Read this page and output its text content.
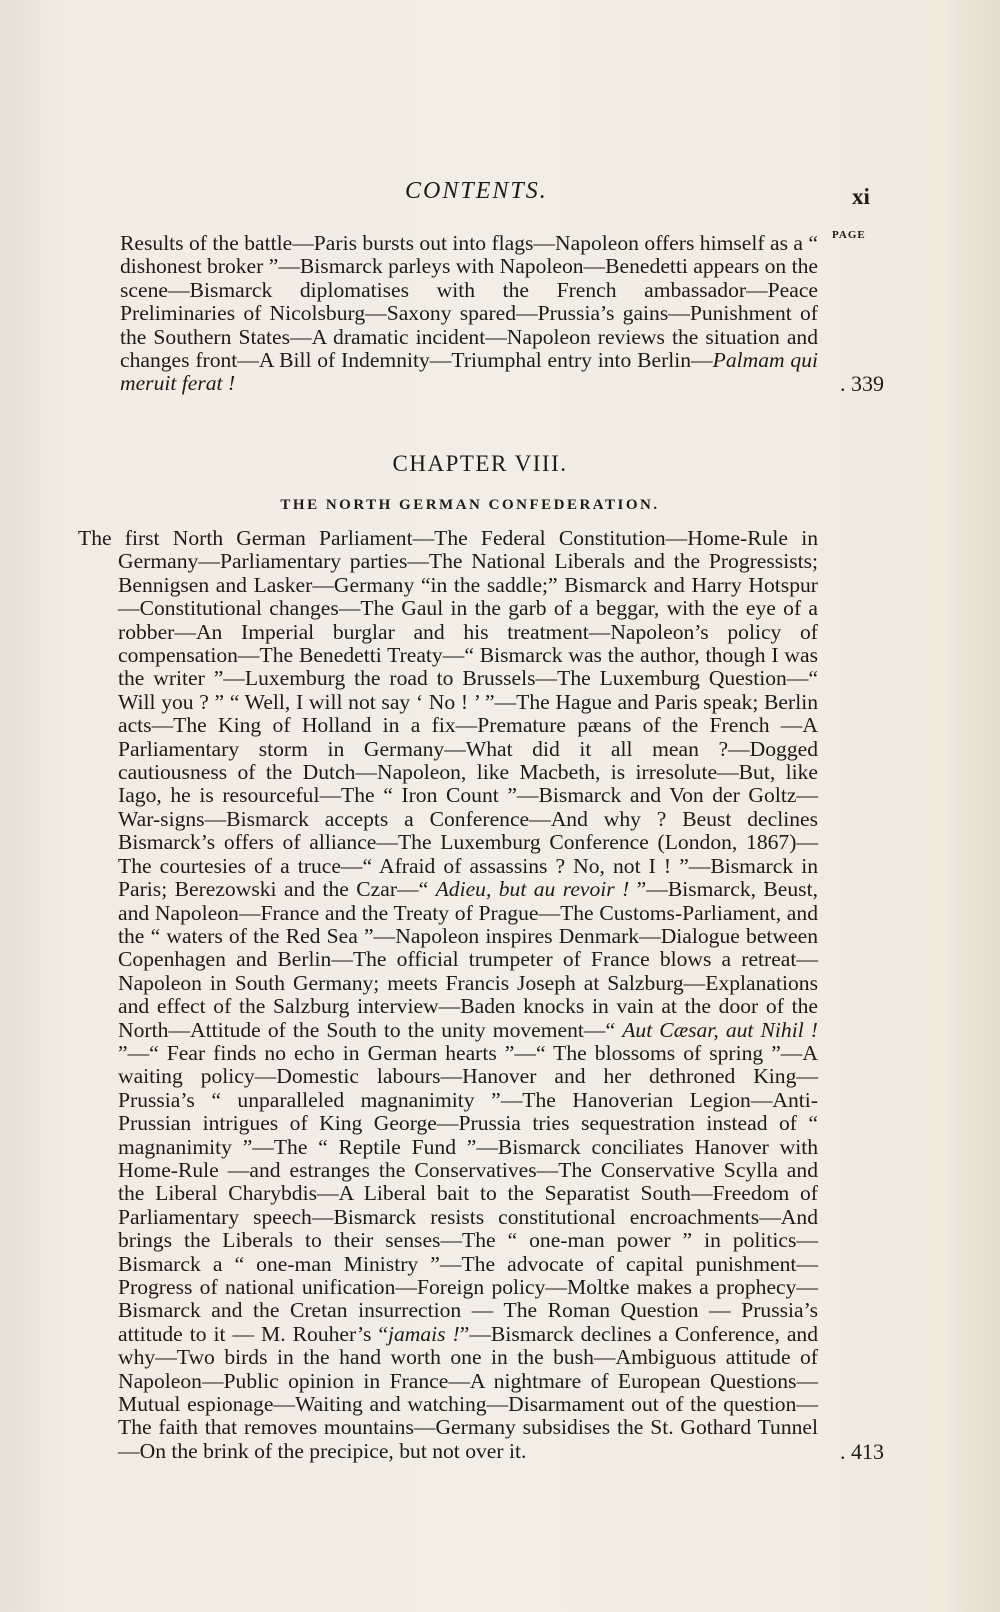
CONTENTS.	xi
PAGE
Results of the battle—Paris bursts out into flags—Napoleon offers himself as a “ dishonest broker ”—Bismarck parleys with Napoleon—Benedetti appears on the scene—Bismarck diplomatises with the French ambassador—Peace Preliminaries of Nicolsburg—Saxony spared—Prussia’s gains—Punishment of the Southern States—A dramatic incident—Napoleon reviews the situation and changes front—A Bill of Indemnity—Triumphal entry into Berlin—Palmam qui meruit ferat !	. 339
CHAPTER VIII.
THE NORTH GERMAN CONFEDERATION.
The first North German Parliament—The Federal Constitution—Home-Rule in Germany—Parliamentary parties—The National Liberals and the Progressists; Bennigsen and Lasker—Germany “in the saddle;” Bismarck and Harry Hotspur—Constitutional changes—The Gaul in the garb of a beggar, with the eye of a robber—An Imperial burglar and his treatment—Napoleon’s policy of compensation—The Benedetti Treaty—“ Bismarck was the author, though I was the writer ”—Luxemburg the road to Brussels—The Luxemburg Question—“ Will you ? ” “ Well, I will not say ‘ No ! ’ ”—The Hague and Paris speak; Berlin acts—The King of Holland in a fix—Premature pæans of the French —A Parliamentary storm in Germany—What did it all mean ?—Dogged cautiousness of the Dutch—Napoleon, like Macbeth, is irresolute—But, like Iago, he is resourceful—The “ Iron Count ”—Bismarck and Von der Goltz—War-signs—Bismarck accepts a Conference—And why ? Beust declines Bismarck’s offers of alliance—The Luxemburg Conference (London, 1867)—The courtesies of a truce—“ Afraid of assassins ? No, not I ! ”—Bismarck in Paris; Berezowski and the Czar—“ Adieu, but au revoir ! ”—Bismarck, Beust, and Napoleon—France and the Treaty of Prague—The Customs-Parliament, and the “ waters of the Red Sea ”—Napoleon inspires Denmark—Dialogue between Copenhagen and Berlin—The official trumpeter of France blows a retreat—Napoleon in South Germany; meets Francis Joseph at Salzburg—Explanations and effect of the Salzburg interview—Baden knocks in vain at the door of the North—Attitude of the South to the unity movement—“ Aut Cæsar, aut Nihil ! ”—“ Fear finds no echo in German hearts ”—“ The blossoms of spring ”—A waiting policy—Domestic labours—Hanover and her dethroned King—Prussia’s “ unparalleled magnanimity ”—The Hanoverian Legion—Anti-Prussian intrigues of King George—Prussia tries sequestration instead of “ magnanimity ”—The “ Reptile Fund ”—Bismarck conciliates Hanover with Home-Rule —and estranges the Conservatives—The Conservative Scylla and the Liberal Charybdis—A Liberal bait to the Separatist South—Freedom of Parliamentary speech—Bismarck resists constitutional encroachments—And brings the Liberals to their senses—The “ one-man power ” in politics—Bismarck a “ one-man Ministry ”—The advocate of capital punishment—Progress of national unification—Foreign policy—Moltke makes a prophecy—Bismarck and the Cretan insurrection — The Roman Question — Prussia’s attitude to it — M. Rouher’s “jamais !”—Bismarck declines a Conference, and why—Two birds in the hand worth one in the bush—Ambiguous attitude of Napoleon—Public opinion in France—A nightmare of European Questions—Mutual espionage—Waiting and watching—Disarmament out of the question—The faith that removes mountains—Germany subsidises the St. Gothard Tunnel—On the brink of the precipice, but not over it.	. 413
